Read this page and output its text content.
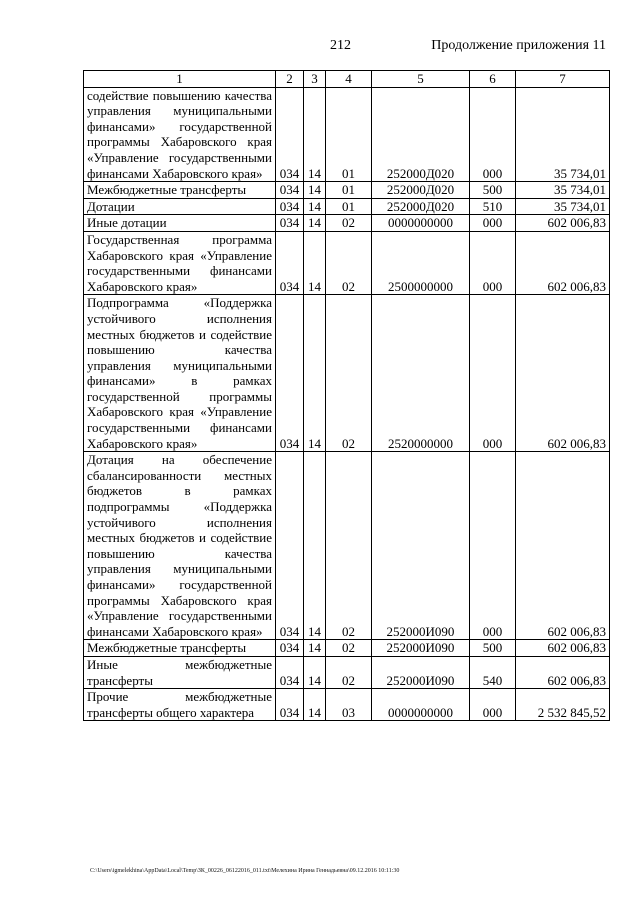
212	Продолжение приложения 11
1	2	3	4	5	6	7
содействие повышению качества управления муниципальными финансами» государственной программы Хабаровского края «Управление государственными финансами Хабаровского края»	034	14	01	252000Д020	000	35 734,01
Межбюджетные трансферты	034	14	01	252000Д020	500	35 734,01
Дотации	034	14	01	252000Д020	510	35 734,01
Иные дотации	034	14	02	0000000000	000	602 006,83
Государственная программа Хабаровского края «Управление государственными финансами Хабаровского края»	034	14	02	2500000000	000	602 006,83
Подпрограмма «Поддержка устойчивого исполнения местных бюджетов и содействие повышению качества управления муниципальными финансами» в рамках государственной программы Хабаровского края «Управление государственными финансами Хабаровского края»	034	14	02	2520000000	000	602 006,83
Дотация на обеспечение сбалансированности местных бюджетов в рамках подпрограммы «Поддержка устойчивого исполнения местных бюджетов и содействие повышению качества управления муниципальными финансами» государственной программы Хабаровского края «Управление государственными финансами Хабаровского края»	034	14	02	252000И090	000	602 006,83
Межбюджетные трансферты	034	14	02	252000И090	500	602 006,83
Иные межбюджетные трансферты	034	14	02	252000И090	540	602 006,83
Прочие межбюджетные трансферты общего характера	034	14	03	0000000000	000	2 532 845,52
C:\Users\igmelekhina\AppData\Local\Temp\ЗК_00226_06122016_011.txt\Мелехина Ирина Геннадьевна\09.12.2016 10:11:30
